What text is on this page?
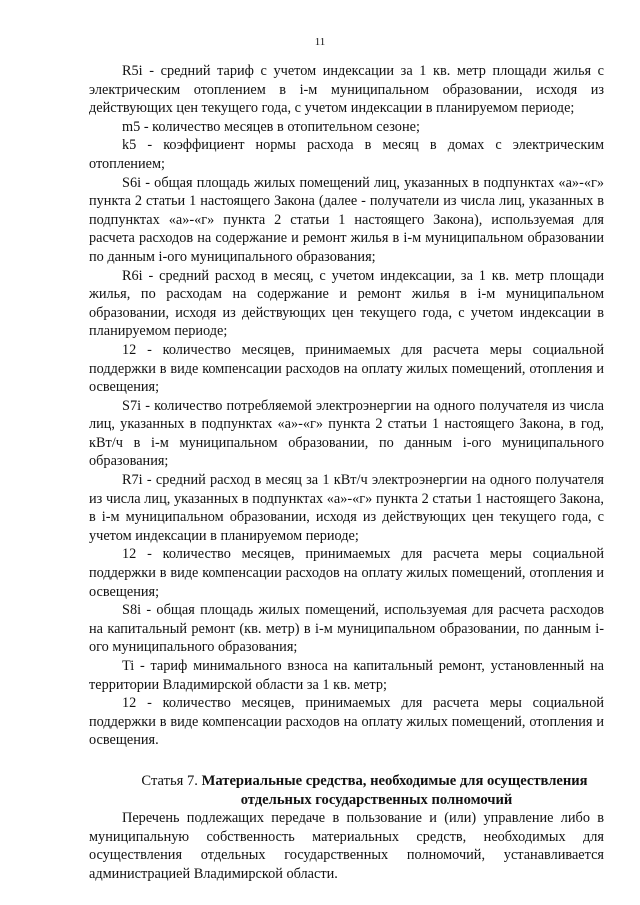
11

R5i - средний тариф с учетом индексации за 1 кв. метр площади жилья с электрическим отоплением в i-м муниципальном образовании, исходя из действующих цен текущего года, с учетом индексации в планируемом периоде;

m5 - количество месяцев в отопительном сезоне;

k5 - коэффициент нормы расхода в месяц в домах с электрическим отоплением;

S6i - общая площадь жилых помещений лиц, указанных в подпунктах «а»-«г» пункта 2 статьи 1 настоящего Закона (далее - получатели из числа лиц, указанных в подпунктах «а»-«г» пункта 2 статьи 1 настоящего Закона), используемая для расчета расходов на содержание и ремонт жилья в i-м муниципальном образовании по данным i-ого муниципального образования;

R6i - средний расход в месяц, с учетом индексации, за 1 кв. метр площади жилья, по расходам на содержание и ремонт жилья в i-м муниципальном образовании, исходя из действующих цен текущего года, с учетом индексации в планируемом периоде;

12 - количество месяцев, принимаемых для расчета меры социальной поддержки в виде компенсации расходов на оплату жилых помещений, отопления и освещения;

S7i - количество потребляемой электроэнергии на одного получателя из числа лиц, указанных в подпунктах «а»-«г» пункта 2 статьи 1 настоящего Закона, в год, кВт/ч в i-м муниципальном образовании, по данным i-ого муниципального образования;

R7i - средний расход в месяц за 1 кВт/ч электроэнергии на одного получателя из числа лиц, указанных в подпунктах «а»-«г» пункта 2 статьи 1 настоящего Закона, в i-м муниципальном образовании, исходя из действующих цен текущего года, с учетом индексации в планируемом периоде;

12 - количество месяцев, принимаемых для расчета меры социальной поддержки в виде компенсации расходов на оплату жилых помещений, отопления и освещения;

S8i - общая площадь жилых помещений, используемая для расчета расходов на капитальный ремонт (кв. метр) в i-м муниципальном образовании, по данным i-ого муниципального образования;

Ti - тариф минимального взноса на капитальный ремонт, установленный на территории Владимирской области за 1 кв. метр;

12 - количество месяцев, принимаемых для расчета меры социальной поддержки в виде компенсации расходов на оплату жилых помещений, отопления и освещения.

Статья 7. Материальные средства, необходимые для осуществления

отдельных государственных полномочий

Перечень подлежащих передаче в пользование и (или) управление либо в муниципальную собственность материальных средств, необходимых для осуществления отдельных государственных полномочий, устанавливается администрацией Владимирской области.
